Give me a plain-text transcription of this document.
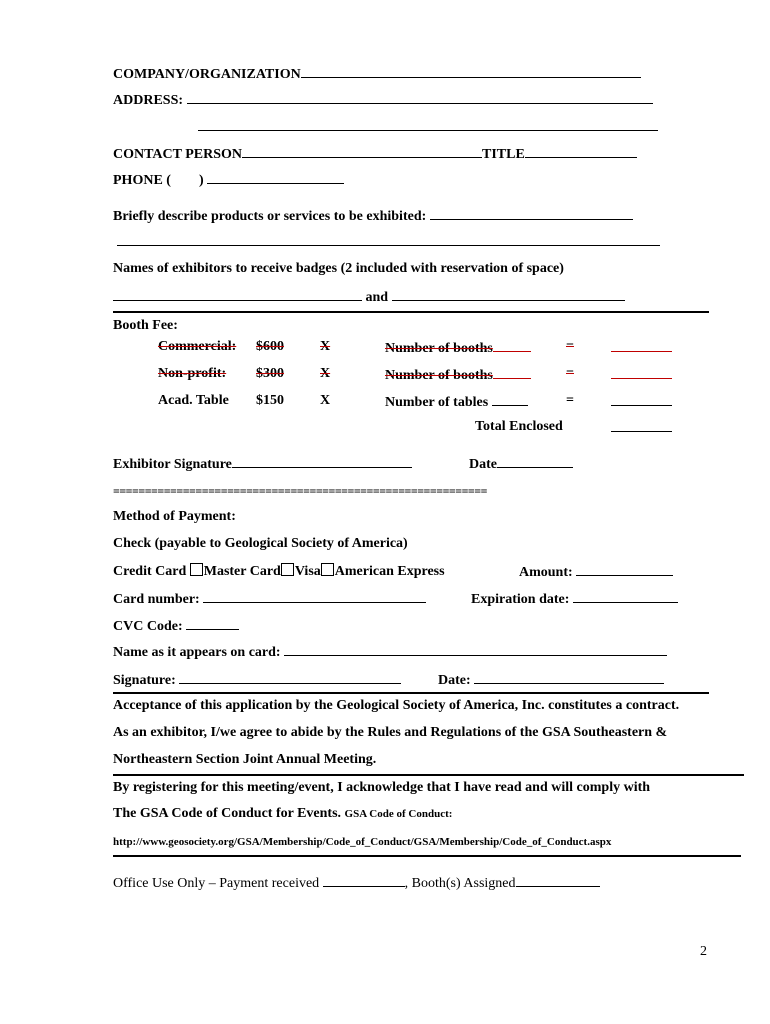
COMPANY/ORGANIZATION
ADDRESS:
CONTACT PERSON	TITLE
PHONE ( )
Briefly describe products or services to be exhibited:
Names of exhibitors to receive badges (2 included with reservation of space)
and
Booth Fee:
Commercial: $600	X	Number of booths	=
Non-profit: $300	X	Number of booths	=
Acad. Table $150	X	Number of tables	=
Total Enclosed
Exhibitor Signature	Date
===========================================================
Method of Payment:
Check (payable to Geological Society of America)
Credit Card Master Card Visa American Express	Amount:
Card number:	Expiration date:
CVC Code:
Name as it appears on card:
Signature:	Date:
Acceptance of this application by the Geological Society of America, Inc. constitutes a contract.
As an exhibitor, I/we agree to abide by the Rules and Regulations of the GSA Southeastern &
Northeastern Section Joint Annual Meeting.
By registering for this meeting/event, I acknowledge that I have read and will comply with
The GSA Code of Conduct for Events. GSA Code of Conduct:
http://www.geosociety.org/GSA/Membership/Code_of_Conduct/GSA/Membership/Code_of_Conduct.aspx
Office Use Only – Payment received	, Booth(s) Assigned
2
